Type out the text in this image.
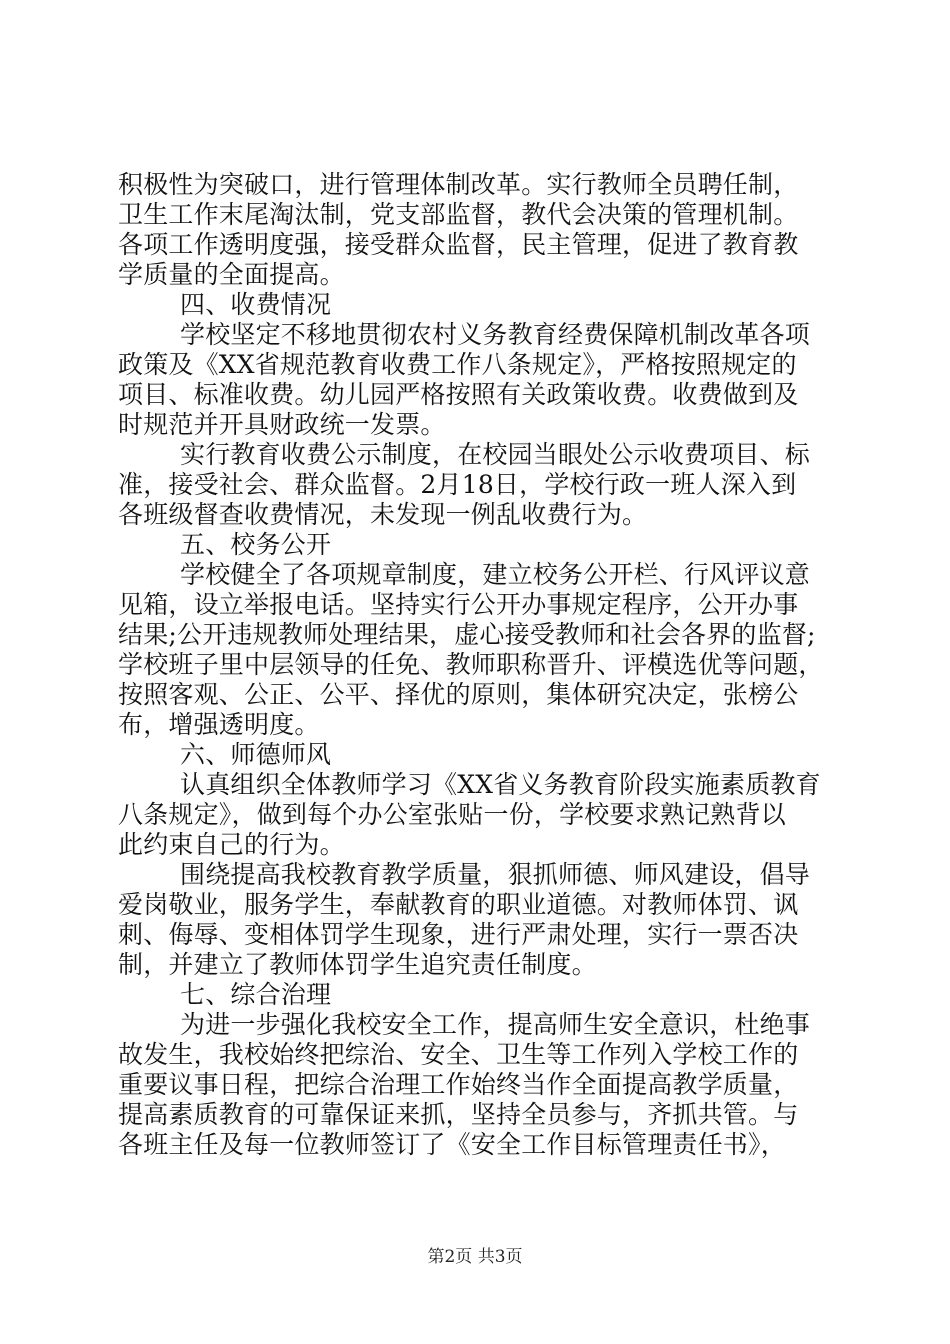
积极性为突破口，进行管理体制改革。实行教师全员聘任制，
卫生工作末尾淘汰制，党支部监督，教代会决策的管理机制。
各项工作透明度强，接受群众监督，民主管理，促进了教育教
学质量的全面提高。
四、收费情况
学校坚定不移地贯彻农村义务教育经费保障机制改革各项
政策及《XX省规范教育收费工作八条规定》，严格按照规定的
项目、标准收费。幼儿园严格按照有关政策收费。收费做到及
时规范并开具财政统一发票。
实行教育收费公示制度，在校园当眼处公示收费项目、标
准，接受社会、群众监督。2月18日，学校行政一班人深入到
各班级督查收费情况，未发现一例乱收费行为。
五、校务公开
学校健全了各项规章制度，建立校务公开栏、行风评议意
见箱，设立举报电话。坚持实行公开办事规定程序，公开办事
结果;公开违规教师处理结果，虚心接受教师和社会各界的监督;
学校班子里中层领导的任免、教师职称晋升、评模选优等问题，
按照客观、公正、公平、择优的原则，集体研究决定，张榜公
布，增强透明度。
六、师德师风
认真组织全体教师学习《XX省义务教育阶段实施素质教育
八条规定》，做到每个办公室张贴一份，学校要求熟记熟背以
此约束自己的行为。
围绕提高我校教育教学质量，狠抓师德、师风建设，倡导
爱岗敬业，服务学生，奉献教育的职业道德。对教师体罚、讽
刺、侮辱、变相体罚学生现象，进行严肃处理，实行一票否决
制，并建立了教师体罚学生追究责任制度。
七、综合治理
为进一步强化我校安全工作，提高师生安全意识，杜绝事
故发生，我校始终把综治、安全、卫生等工作列入学校工作的
重要议事日程，把综合治理工作始终当作全面提高教学质量，
提高素质教育的可靠保证来抓，坚持全员参与，齐抓共管。与
各班主任及每一位教师签订了《安全工作目标管理责任书》，
第2页 共3页
